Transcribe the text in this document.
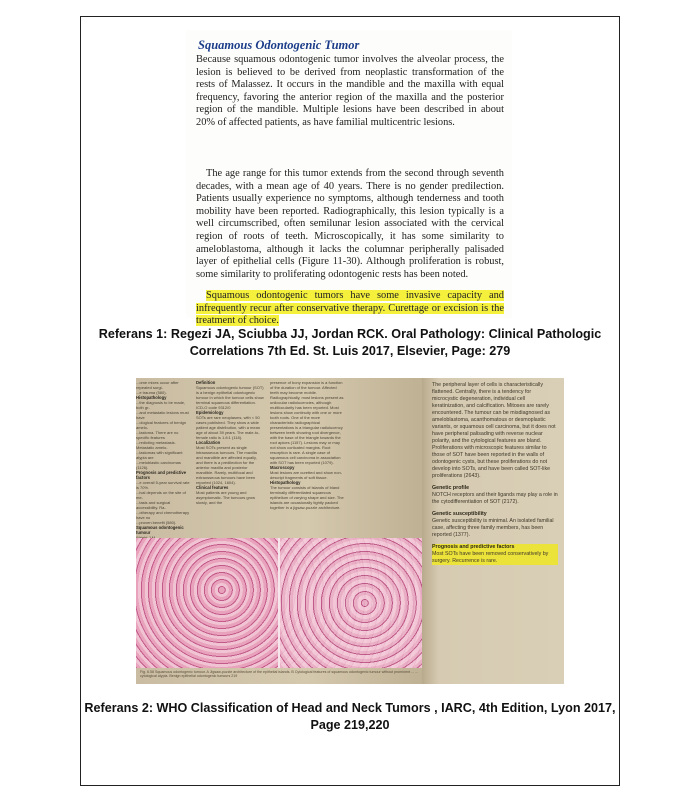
Squamous Odontogenic Tumor

Because squamous odontogenic tumor involves the alveolar process, the lesion is believed to be derived from neoplastic transformation of the rests of Malassez. It occurs in the mandible and the maxilla with equal frequency, favoring the anterior region of the maxilla and the posterior region of the mandible. Multiple lesions have been described in about 20% of affected patients, as have familial multicentric lesions.

The age range for this tumor extends from the second through seventh decades, with a mean age of 40 years. There is no gender predilection. Patients usually experience no symptoms, although tenderness and tooth mobility have been reported. Radiographically, this lesion typically is a well circumscribed, often semilunar lesion associated with the cervical region of roots of teeth. Microscopically, it has some similarity to ameloblastoma, although it lacks the columnar peripherally palisaded layer of epithelial cells (Figure 11-30). Although proliferation is robust, some similarity to proliferating odontogenic rests has been noted.

Squamous odontogenic tumors have some invasive capacity and infrequently recur after conservative therapy. Curettage or excision is the treatment of choice.

Referans 1: Regezi JA, Sciubba JJ, Jordan RCK. Oral Pathology: Clinical Pathologic Correlations 7th Ed. St. Luis 2017, Elsevier, Page: 279

...ome mixes occur after repeated surgi-
...e trauma (580).
Histopathology
...the diagnosis to be made, both gr-
...and metastatic lesions must have
...ological features of benign amelo-
...lastoma. There are no specific features
...redicting metastasis. Metastatic amelo-
...lastomas with significant atypia are
...meloblastic carcinomas (1126).
Prognosis and predictive factors
...e overall 5-year survival rate is 70%.
...ival depends on the site of me-
...tasis and surgical accessibility. Ra-
...otherapy and chemotherapy have no
...proven benefit (580).
Squamous odontogenic
tumour
Definition
Squamous odontogenic tumour (SOT) is a benign epithelial odontogenic tumour in which the tumour cells show terminal squamous differentiation.
ICD-O code 9312/0
Epidemiology
SOTs are rare neoplasms, with < 50 cases published. They show a wide patient age distribution, with a mean age of about 39 years. The male-to-female ratio is 1.8:1 (118).
Localization
Most SOTs present as single intraosseous tumours. The maxilla and mandible are affected equally, and there is a predilection for the anterior maxilla and posterior mandible. Rarely, multifocal and extraosseous tumours have been reported (1024, 1604).
Clinical features
Most patients are young and asymptomatic. The tumours grow slowly, and the
presence of bony expansion is a function of the duration of the tumour. Affected teeth may become mobile.
Radiographically, most lesions present as unilocular radiolucencies, although multilocularity has been reported. Most lesions show continuity with one or more tooth roots. One of the more characteristic radiographical presentations is a triangular radiolucency between teeth showing root divergence, with the base of the triangle towards the root apices (1157). Lesions may or may not show corticated margins. Root resorption is rare. A single case of squamous cell carcinoma in association with SOT has been reported (1079).
Macroscopy
Most lesions are curetted and show non-descript fragments of soft tissue.
Histopathology
The tumour consists of islands of bland terminally differentiated squamous epithelium of varying shape and size. The islands are occasionally tightly packed together in a jigsaw-puzzle architecture.
Fig. 6.58 Squamous odontogenic tumour. A Jigsaw-puzzle architecture of the epithelial islands. B Cytological features of squamous odontogenic tumour without prominent ... ... cytological atypia. Benign epithelial odontogenic tumours 219
The peripheral layer of cells is characteristically flattened. Centrally, there is a tendency for microcystic degeneration, individual cell keratinization, and calcification. Mitoses are rarely encountered. The tumour can be misdiagnosed as ameloblastoma, acanthomatous or desmoplastic variants, or squamous cell carcinoma, but it does not have peripheral palisading with reverse nuclear polarity, and the cytological features are bland. Proliferations with microscopic features similar to those of SOT have been reported in the walls of odontogenic cysts, but these proliferations do not develop into SOTs, and have been called SOT-like proliferations (2643).
Genetic profile
NOTCH receptors and their ligands may play a role in the cytodifferentiation of SOT (2172).
Genetic susceptibility
Genetic susceptibility is minimal. An isolated familial case, affecting three family members, has been reported (1377).
Prognosis and predictive factors
Most SOTs have been removed conservatively by surgery. Recurrence is rare.

Referans 2: WHO Classification of Head and Neck Tumors , IARC, 4th Edition, Lyon 2017, Page 219,220
